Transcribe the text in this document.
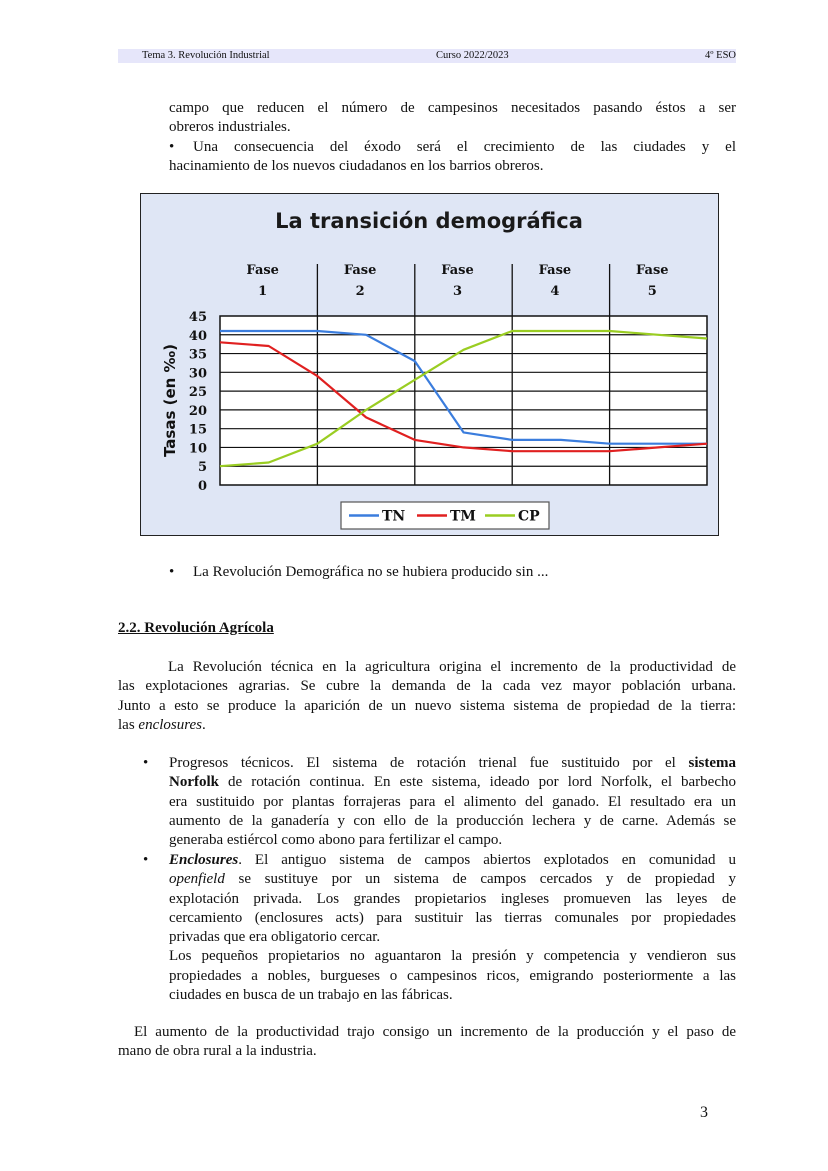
Tema 3. Revolución Industrial	Curso 2022/2023	4º ESO
campo que reducen el número de campesinos necesitados pasando éstos a ser
obreros industriales.
• Una consecuencia del éxodo será el crecimiento de las ciudades y el
hacinamiento de los nuevos ciudadanos en los barrios obreros.
La transición demográfica
0
5
10
15
20
25
30
35
40
45
Fase
1
Fase
2
Fase
3
Fase
4
Fase
5
Tasas (en ‰)
TN	TM	CP
• La Revolución Demográfica no se hubiera producido sin ...
2.2. Revolución Agrícola
La Revolución técnica en la agricultura origina el incremento de la productividad de
las explotaciones agrarias. Se cubre la demanda de la cada vez mayor población urbana.
Junto a esto se produce la aparición de un nuevo sistema sistema de propiedad de la tierra:
las enclosures.
• Progresos técnicos. El sistema de rotación trienal fue sustituido por el sistema
Norfolk de rotación continua. En este sistema, ideado por lord Norfolk, el barbecho
era sustituido por plantas forrajeras para el alimento del ganado. El resultado era un
aumento de la ganadería y con ello de la producción lechera y de carne. Además se
generaba estiércol como abono para fertilizar el campo.
• Enclosures. El antiguo sistema de campos abiertos explotados en comunidad u
openfield se sustituye por un sistema de campos cercados y de propiedad y
explotación privada. Los grandes propietarios ingleses promueven las leyes de
cercamiento (enclosures acts) para sustituir las tierras comunales por propiedades
privadas que era obligatorio cercar.
Los pequeños propietarios no aguantaron la presión y competencia y vendieron sus
propiedades a nobles, burgueses o campesinos ricos, emigrando posteriormente a las
ciudades en busca de un trabajo en las fábricas.
El aumento de la productividad trajo consigo un incremento de la producción y el paso de
mano de obra rural a la industria.
3
